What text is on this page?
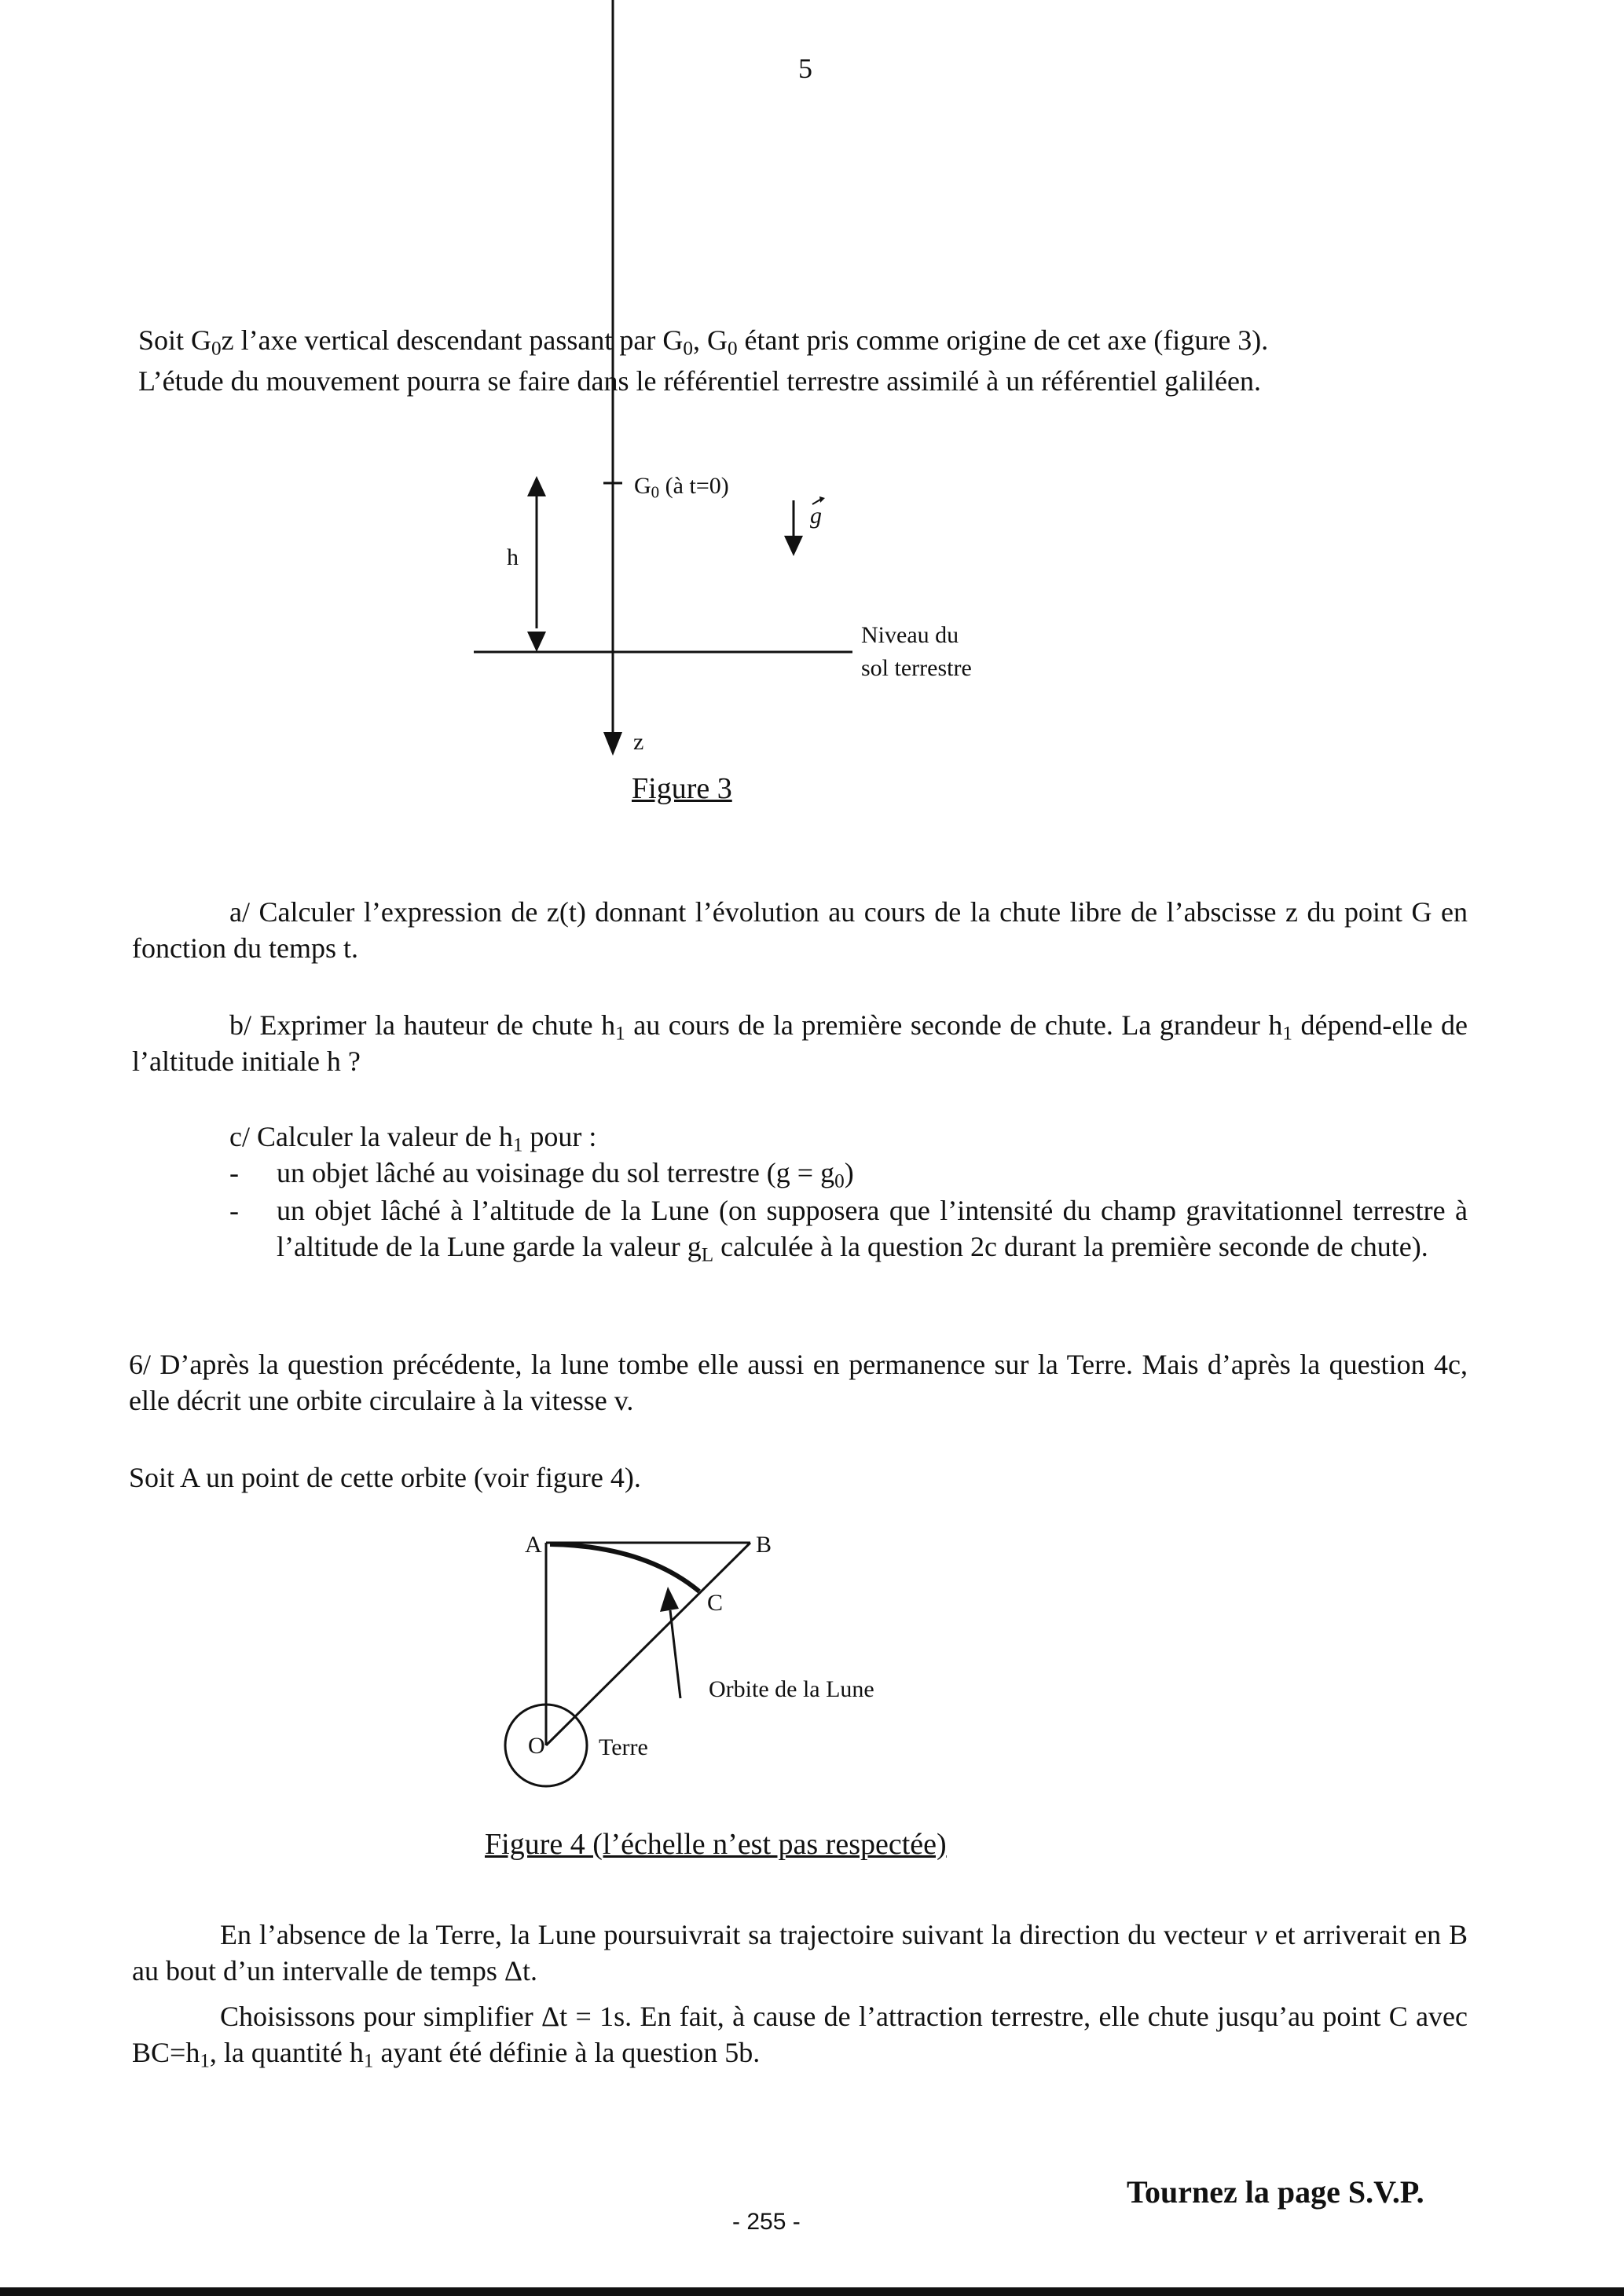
5
Soit $G_0z$ l’axe vertical descendant passant par $G_0$, $G_0$ étant pris comme origine de cet axe (figure 3).
L’étude du mouvement pourra se faire dans le référentiel terrestre assimilé à un référentiel galiléen.
$G_0$ (à t=0)
h
g
Niveau du
sol terrestre
z
Figure 3
a/ Calculer l’expression de z(t) donnant l’évolution au cours de la chute libre de l’abscisse z du point G en fonction du temps t.
b/ Exprimer la hauteur de chute $h_1$ au cours de la première seconde de chute. La grandeur $h_1$ dépend-elle de l’altitude initiale h ?
c/ Calculer la valeur de $h_1$ pour :
- un objet lâché au voisinage du sol terrestre $(g = g_0)$
- un objet lâché à l’altitude de la Lune (on supposera que l’intensité du champ gravitationnel terrestre à l’altitude de la Lune garde la valeur $g_L$ calculée à la question 2c durant la première seconde de chute).
6/ D’après la question précédente, la lune tombe elle aussi en permanence sur la Terre. Mais d’après la question 4c, elle décrit une orbite circulaire à la vitesse v.
Soit A un point de cette orbite (voir figure 4).
A	B
C
O Terre
Orbite de la Lune
Figure 4 (l’échelle n’est pas respectée)
En l’absence de la Terre, la Lune poursuivrait sa trajectoire suivant la direction du vecteur v et arriverait en B au bout d’un intervalle de temps Δt.
Choisissons pour simplifier Δt = 1s. En fait, à cause de l’attraction terrestre, elle chute jusqu’au point C avec $BC=h_1$, la quantité $h_1$ ayant été définie à la question 5b.
Tournez la page S.V.P.
- 255 -
